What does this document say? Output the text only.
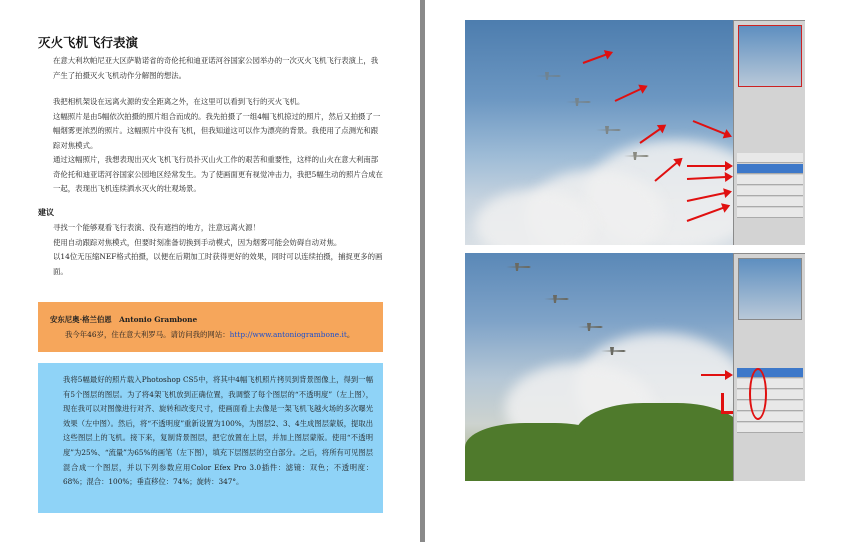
灭火飞机飞行表演
在意大利坎帕尼亚大区萨勒诺省的奇伦托和迪亚诺河谷国家公园举办的一次灭火飞机飞行表演上，我产生了拍摄灭火飞机动作分解图的想法。
我把相机架设在远离火源的安全距离之外，在这里可以看到飞行的灭火飞机。
这幅照片是由5幅依次拍摄的照片组合而成的。我先拍摄了一组4幅飞机掠过的照片，然后又拍摄了一幅烟雾更浓烈的照片。这幅照片中没有飞机，但我知道这可以作为漂亮的背景。我使用了点测光和跟踪对焦模式。
通过这幅照片，我想表现出灭火飞机飞行员扑灭山火工作的艰苦和重要性，这样的山火在意大利南部奇伦托和迪亚诺河谷国家公园地区经常发生。为了使画面更有视觉冲击力，我把5幅生动的照片合成在一起，表现出飞机连续洒水灭火的壮观场景。
建议
寻找一个能够观看飞行表演、没有遮挡的地方，注意远离火源！
使用自动跟踪对焦模式，但要时刻准备切换到手动模式，因为烟雾可能会妨碍自动对焦。
以14位无压缩NEF格式拍摄，以便在后期加工时获得更好的效果，同时可以连续拍摄，捕捉更多的画面。
安东尼奥·格兰伯恩　Antonio Grambone
我今年46岁，住在意大利罗马。请访问我的网站：http://www.antoniogrambone.it。
我将5幅最好的照片载入Photoshop CS5中，将其中4幅飞机照片拷贝到背景图像上，得到一幅有5个图层的图层。为了将4架飞机放到正确位置，我调整了每个图层的“不透明度”（左上图），现在我可以对图像进行对齐、旋转和改变尺寸，使画面看上去像是一架飞机飞越火场的多次曝光效果（左中图）。然后，将“不透明度”重新设置为100%，为图层2、3、4生成图层蒙版，提取出这些图层上的飞机。接下来，复制背景图层，把它放置在上层，并加上图层蒙版。使用“不透明度”为25%、“流量”为65%的画笔（左下图），填充下层图层的空白部分。之后，将所有可见图层混合成一个图层，并以下列参数应用Color Efex Pro 3.0插件：滤镜：双色；不透明度：68%；混合：100%；垂直移位：74%；旋转：347°。
